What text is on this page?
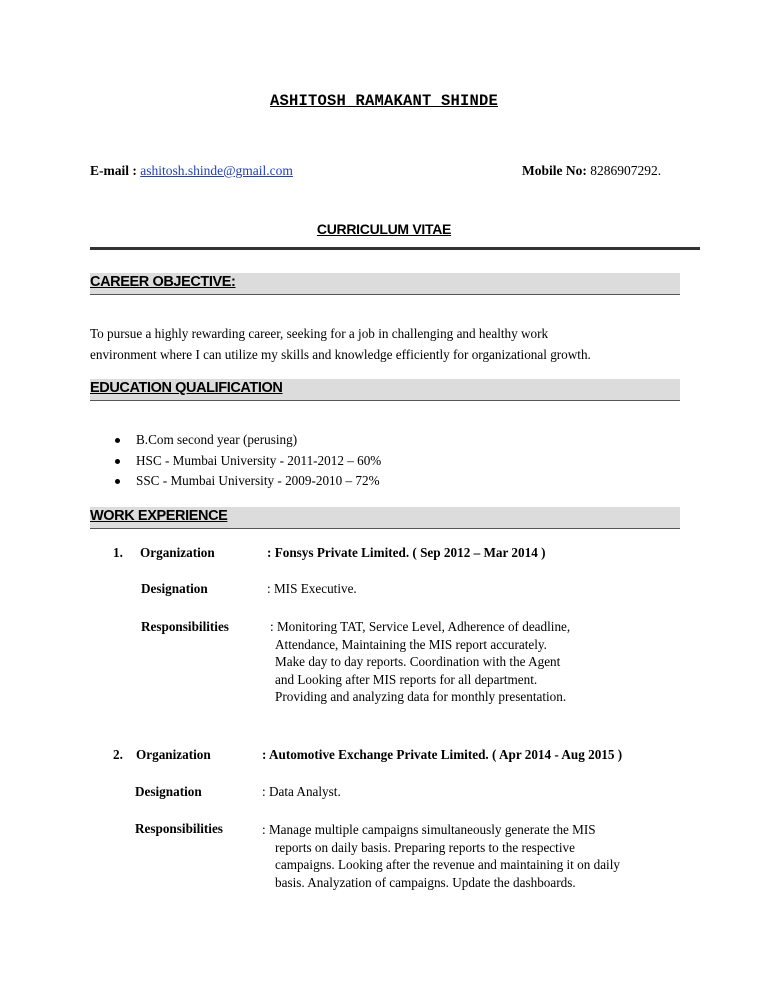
ASHITOSH RAMAKANT SHINDE
E-mail : ashitosh.shinde@gmail.com	Mobile No: 8286907292.
CURRICULUM VITAE
CAREER OBJECTIVE:
To pursue a highly rewarding career, seeking for a job in challenging and healthy work
environment where I can utilize my skills and knowledge efficiently for organizational growth.
EDUCATION QUALIFICATION
B.Com second year (perusing)
HSC - Mumbai University - 2011-2012 – 60%
SSC - Mumbai University - 2009-2010 – 72%
WORK EXPERIENCE
1. Organization	: Fonsys Private Limited. ( Sep 2012 – Mar 2014 )
Designation	: MIS Executive.
Responsibilities	: Monitoring TAT, Service Level, Adherence of deadline,
Attendance, Maintaining the MIS report accurately.
Make day to day reports. Coordination with the Agent
and Looking after MIS reports for all department.
Providing and analyzing data for monthly presentation.
2. Organization	: Automotive Exchange Private Limited. ( Apr 2014 - Aug 2015 )
Designation	: Data Analyst.
Responsibilities	: Manage multiple campaigns simultaneously generate the MIS
reports on daily basis. Preparing reports to the respective
campaigns. Looking after the revenue and maintaining it on daily
basis. Analyzation of campaigns. Update the dashboards.
